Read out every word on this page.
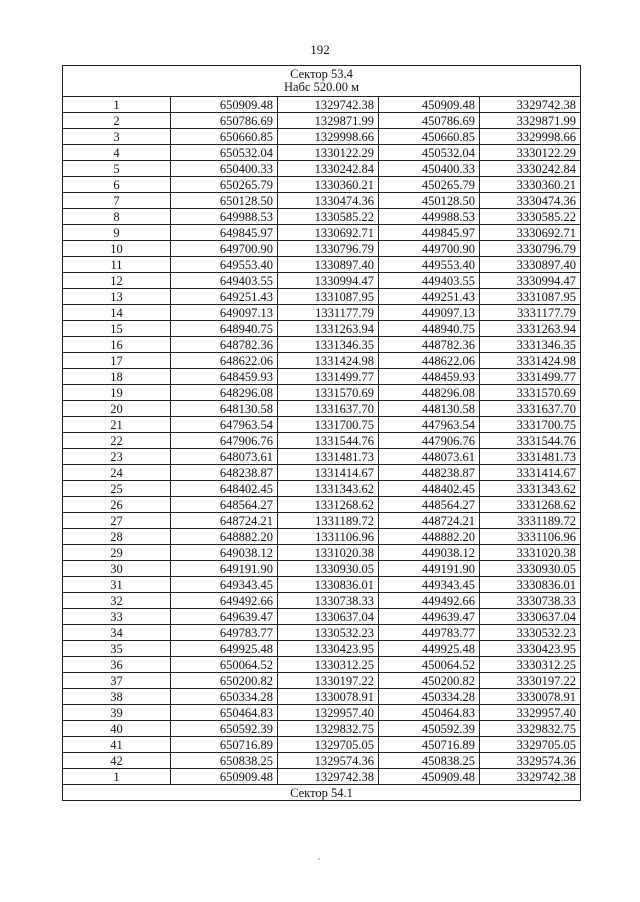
192
Сектор 53.4
Набс 520.00 м				

1	650909.48	1329742.38	450909.48	3329742.38
2	650786.69	1329871.99	450786.69	3329871.99
3	650660.85	1329998.66	450660.85	3329998.66
4	650532.04	1330122.29	450532.04	3330122.29
5	650400.33	1330242.84	450400.33	3330242.84
6	650265.79	1330360.21	450265.79	3330360.21
7	650128.50	1330474.36	450128.50	3330474.36
8	649988.53	1330585.22	449988.53	3330585.22
9	649845.97	1330692.71	449845.97	3330692.71
10	649700.90	1330796.79	449700.90	3330796.79
11	649553.40	1330897.40	449553.40	3330897.40
12	649403.55	1330994.47	449403.55	3330994.47
13	649251.43	1331087.95	449251.43	3331087.95
14	649097.13	1331177.79	449097.13	3331177.79
15	648940.75	1331263.94	448940.75	3331263.94
16	648782.36	1331346.35	448782.36	3331346.35
17	648622.06	1331424.98	448622.06	3331424.98
18	648459.93	1331499.77	448459.93	3331499.77
19	648296.08	1331570.69	448296.08	3331570.69
20	648130.58	1331637.70	448130.58	3331637.70
21	647963.54	1331700.75	447963.54	3331700.75
22	647906.76	1331544.76	447906.76	3331544.76
23	648073.61	1331481.73	448073.61	3331481.73
24	648238.87	1331414.67	448238.87	3331414.67
25	648402.45	1331343.62	448402.45	3331343.62
26	648564.27	1331268.62	448564.27	3331268.62
27	648724.21	1331189.72	448724.21	3331189.72
28	648882.20	1331106.96	448882.20	3331106.96
29	649038.12	1331020.38	449038.12	3331020.38
30	649191.90	1330930.05	449191.90	3330930.05
31	649343.45	1330836.01	449343.45	3330836.01
32	649492.66	1330738.33	449492.66	3330738.33
33	649639.47	1330637.04	449639.47	3330637.04
34	649783.77	1330532.23	449783.77	3330532.23
35	649925.48	1330423.95	449925.48	3330423.95
36	650064.52	1330312.25	450064.52	3330312.25
37	650200.82	1330197.22	450200.82	3330197.22
38	650334.28	1330078.91	450334.28	3330078.91
39	650464.83	1329957.40	450464.83	3329957.40
40	650592.39	1329832.75	450592.39	3329832.75
41	650716.89	1329705.05	450716.89	3329705.05
42	650838.25	1329574.36	450838.25	3329574.36
1	650909.48	1329742.38	450909.48	3329742.38
Сектор 54.1				
